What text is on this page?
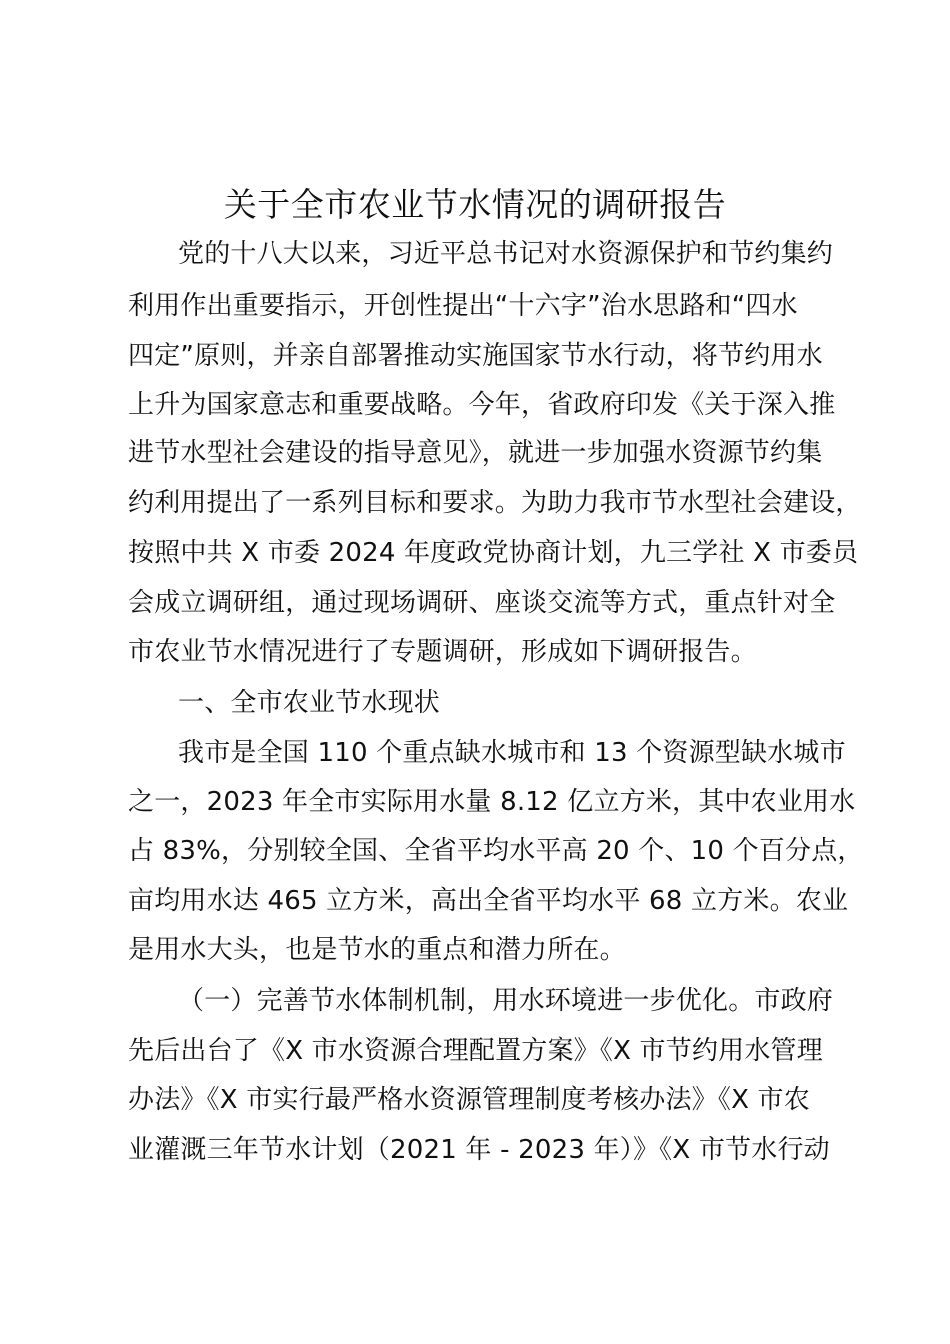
关于全市农业节水情况的调研报告
党的十八大以来，习近平总书记对水资源保护和节约集约
利用作出重要指示，开创性提出“十六字”治水思路和“四水
四定”原则，并亲自部署推动实施国家节水行动，将节约用水
上升为国家意志和重要战略。今年，省政府印发《关于深入推
进节水型社会建设的指导意见》，就进一步加强水资源节约集
约利用提出了一系列目标和要求。为助力我市节水型社会建设，
按照中共 X 市委 2024 年度政党协商计划，九三学社 X 市委员
会成立调研组，通过现场调研、座谈交流等方式，重点针对全
市农业节水情况进行了专题调研，形成如下调研报告。
一、全市农业节水现状
我市是全国 110 个重点缺水城市和 13 个资源型缺水城市
之一，2023 年全市实际用水量 8.12 亿立方米，其中农业用水
占 83%，分别较全国、全省平均水平高 20 个、10 个百分点，
亩均用水达 465 立方米，高出全省平均水平 68 立方米。农业
是用水大头，也是节水的重点和潜力所在。
（一）完善节水体制机制，用水环境进一步优化。市政府
先后出台了《X 市水资源合理配置方案》《X 市节约用水管理
办法》《X 市实行最严格水资源管理制度考核办法》《X 市农
业灌溉三年节水计划（2021 年 - 2023 年）》《X 市节水行动
